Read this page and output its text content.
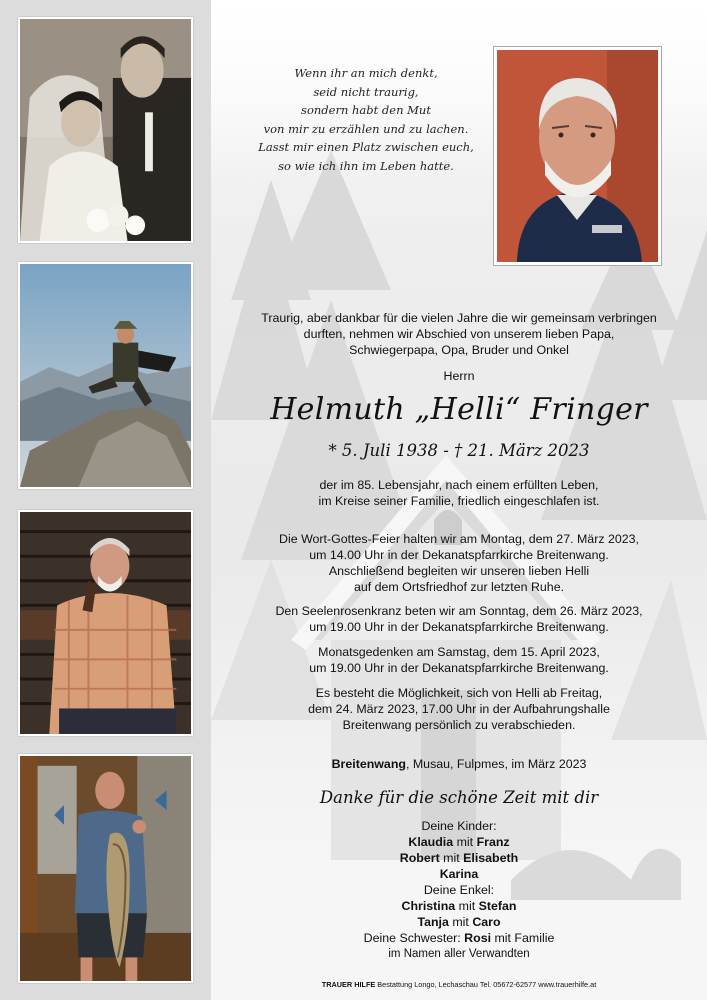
Wenn ihr an mich denkt,
seid nicht traurig,
sondern habt den Mut
von mir zu erzählen und zu lachen.
Lasst mir einen Platz zwischen euch,
so wie ich ihn im Leben hatte.
Traurig, aber dankbar für die vielen Jahre die wir gemeinsam verbringen
durften, nehmen wir Abschied von unserem lieben Papa,
Schwiegerpapa, Opa, Bruder und Onkel
Herrn
Helmuth „Helli“ Fringer
* 5. Juli 1938 - † 21. März 2023
der im 85. Lebensjahr, nach einem erfüllten Leben,
im Kreise seiner Familie, friedlich eingeschlafen ist.
Die Wort-Gottes-Feier halten wir am Montag, dem 27. März 2023,
um 14.00 Uhr in der Dekanatspfarrkirche Breitenwang.
Anschließend begleiten wir unseren lieben Helli
auf dem Ortsfriedhof zur letzten Ruhe.
Den Seelenrosenkranz beten wir am Sonntag, dem 26. März 2023,
um 19.00 Uhr in der Dekanatspfarrkirche Breitenwang.
Monatsgedenken am Samstag, dem 15. April 2023,
um 19.00 Uhr in der Dekanatspfarrkirche Breitenwang.
Es besteht die Möglichkeit, sich von Helli ab Freitag,
dem 24. März 2023, 17.00 Uhr in der Aufbahrungshalle
Breitenwang persönlich zu verabschieden.
Breitenwang, Musau, Fulpmes, im März 2023
Danke für die schöne Zeit mit dir
Deine Kinder:
Klaudia mit Franz
Robert mit Elisabeth
Karina
Deine Enkel:
Christina mit Stefan
Tanja mit Caro
Deine Schwester: Rosi mit Familie
im Namen aller Verwandten
TRAUER HILFE Bestattung Longo, Lechaschau Tel. 05672-62577 www.trauerhilfe.at
